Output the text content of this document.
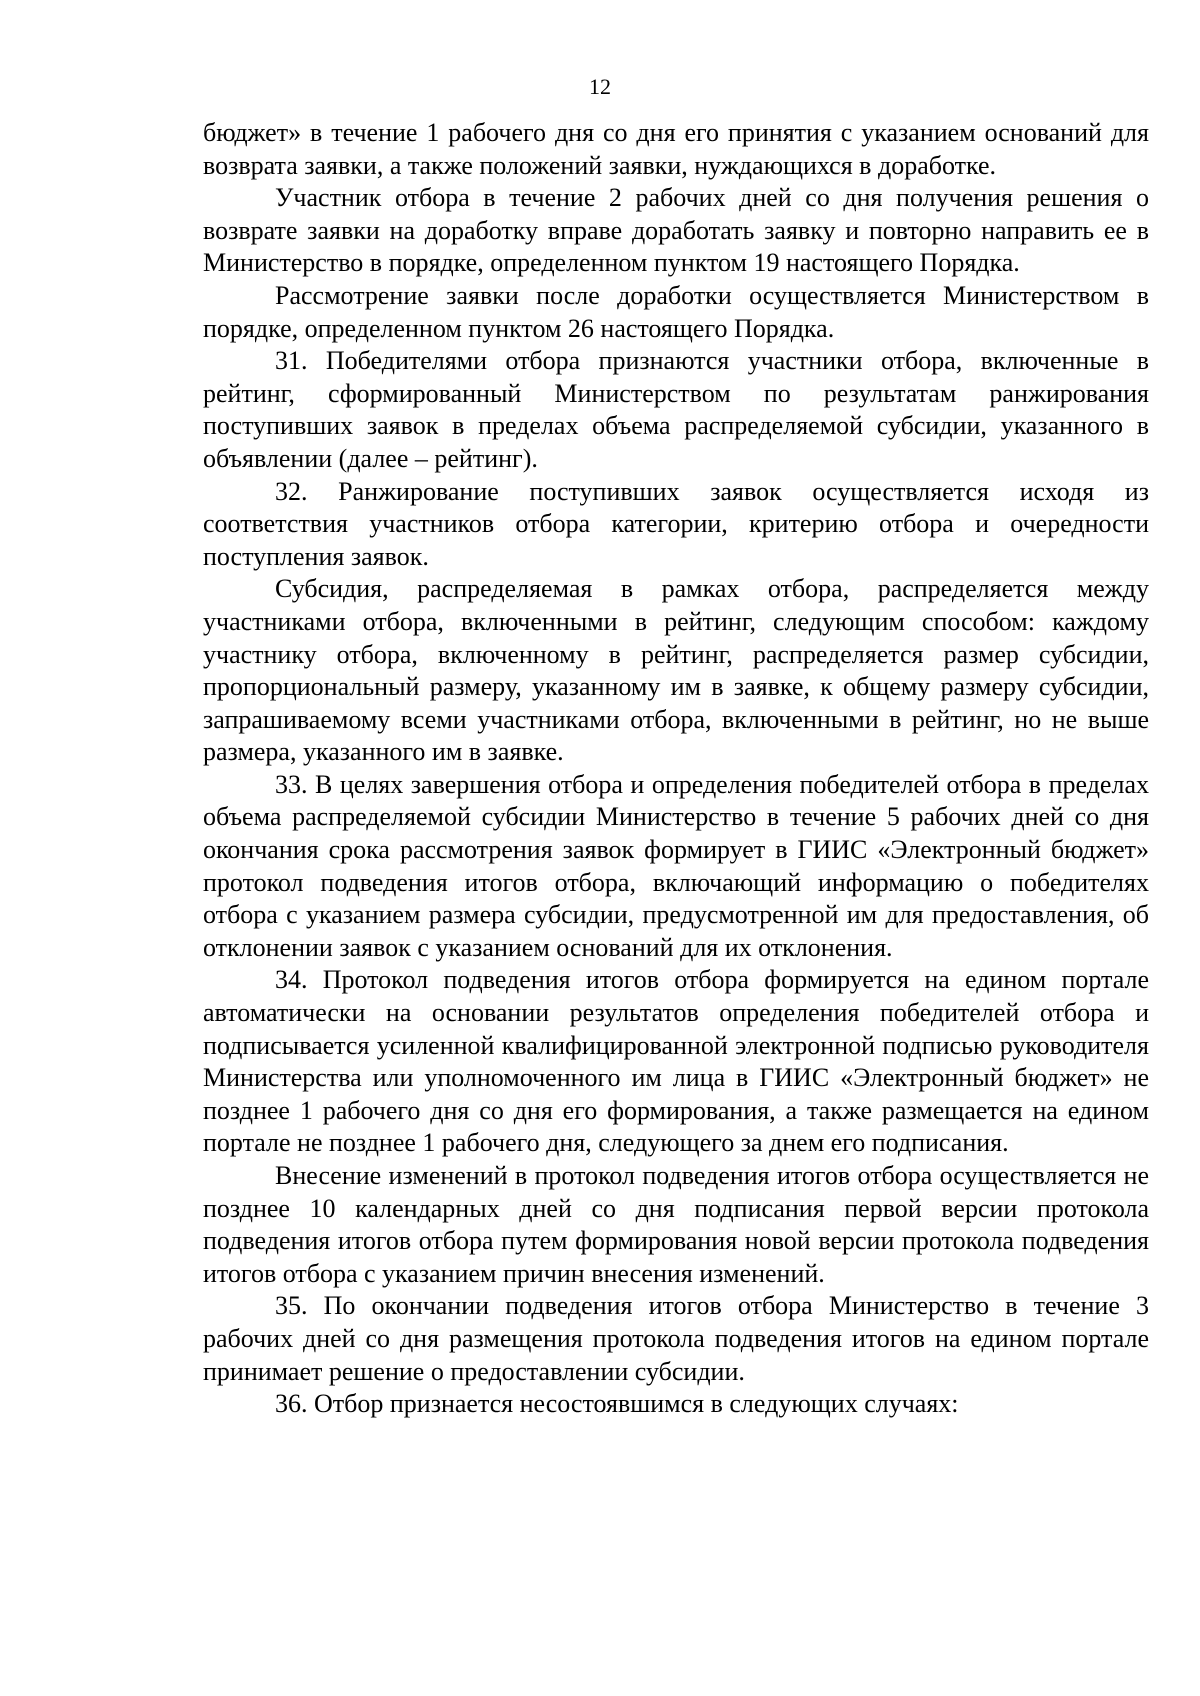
12

бюджет» в течение 1 рабочего дня со дня его принятия с указанием оснований для возврата заявки, а также положений заявки, нуждающихся в доработке.

Участник отбора в течение 2 рабочих дней со дня получения решения о возврате заявки на доработку вправе доработать заявку и повторно направить ее в Министерство в порядке, определенном пунктом 19 настоящего Порядка.

Рассмотрение заявки после доработки осуществляется Министерством в порядке, определенном пунктом 26 настоящего Порядка.

31. Победителями отбора признаются участники отбора, включенные в рейтинг, сформированный Министерством по результатам ранжирования поступивших заявок в пределах объема распределяемой субсидии, указанного в объявлении (далее – рейтинг).

32. Ранжирование поступивших заявок осуществляется исходя из соответствия участников отбора категории, критерию отбора и очередности поступления заявок.

Субсидия, распределяемая в рамках отбора, распределяется между участниками отбора, включенными в рейтинг, следующим способом: каждому участнику отбора, включенному в рейтинг, распределяется размер субсидии, пропорциональный размеру, указанному им в заявке, к общему размеру субсидии, запрашиваемому всеми участниками отбора, включенными в рейтинг, но не выше размера, указанного им в заявке.

33. В целях завершения отбора и определения победителей отбора в пределах объема распределяемой субсидии Министерство в течение 5 рабочих дней со дня окончания срока рассмотрения заявок формирует в ГИИС «Электронный бюджет» протокол подведения итогов отбора, включающий информацию о победителях отбора с указанием размера субсидии, предусмотренной им для предоставления, об отклонении заявок с указанием оснований для их отклонения.

34. Протокол подведения итогов отбора формируется на едином портале автоматически на основании результатов определения победителей отбора и подписывается усиленной квалифицированной электронной подписью руководителя Министерства или уполномоченного им лица в ГИИС «Электронный бюджет» не позднее 1 рабочего дня со дня его формирования, а также размещается на едином портале не позднее 1 рабочего дня, следующего за днем его подписания.

Внесение изменений в протокол подведения итогов отбора осуществляется не позднее 10 календарных дней со дня подписания первой версии протокола подведения итогов отбора путем формирования новой версии протокола подведения итогов отбора с указанием причин внесения изменений.

35. По окончании подведения итогов отбора Министерство в течение 3 рабочих дней со дня размещения протокола подведения итогов на едином портале принимает решение о предоставлении субсидии.

36. Отбор признается несостоявшимся в следующих случаях:
